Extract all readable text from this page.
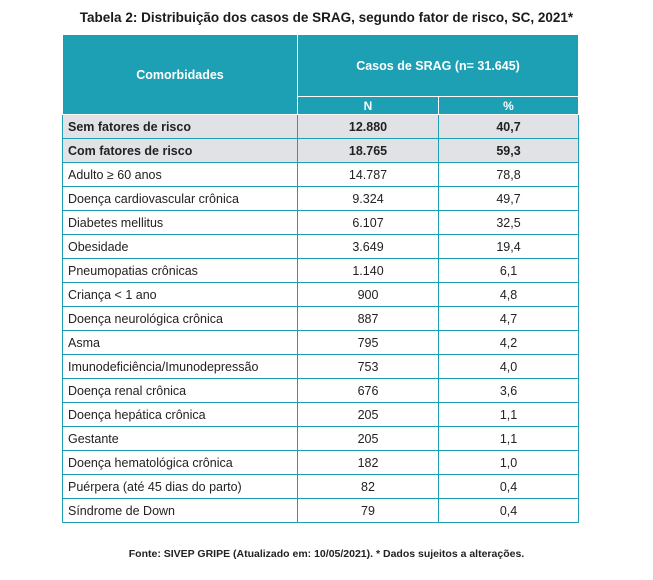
Tabela 2: Distribuição dos casos de SRAG, segundo fator de risco, SC, 2021*
Comorbidades	Casos de SRAG (n= 31.645)	
	N	%
Sem fatores de risco	12.880	40,7
Com fatores de risco	18.765	59,3
Adulto ≥ 60 anos	14.787	78,8
Doença cardiovascular crônica	9.324	49,7
Diabetes mellitus	6.107	32,5
Obesidade	3.649	19,4
Pneumopatias crônicas	1.140	6,1
Criança < 1 ano	900	4,8
Doença neurológica crônica	887	4,7
Asma	795	4,2
Imunodeficiência/Imunodepressão	753	4,0
Doença renal crônica	676	3,6
Doença hepática crônica	205	1,1
Gestante	205	1,1
Doença hematológica crônica	182	1,0
Puérpera (até 45 dias do parto)	82	0,4
Síndrome de Down	79	0,4
Fonte: SIVEP GRIPE (Atualizado em: 10/05/2021). * Dados sujeitos a alterações.
